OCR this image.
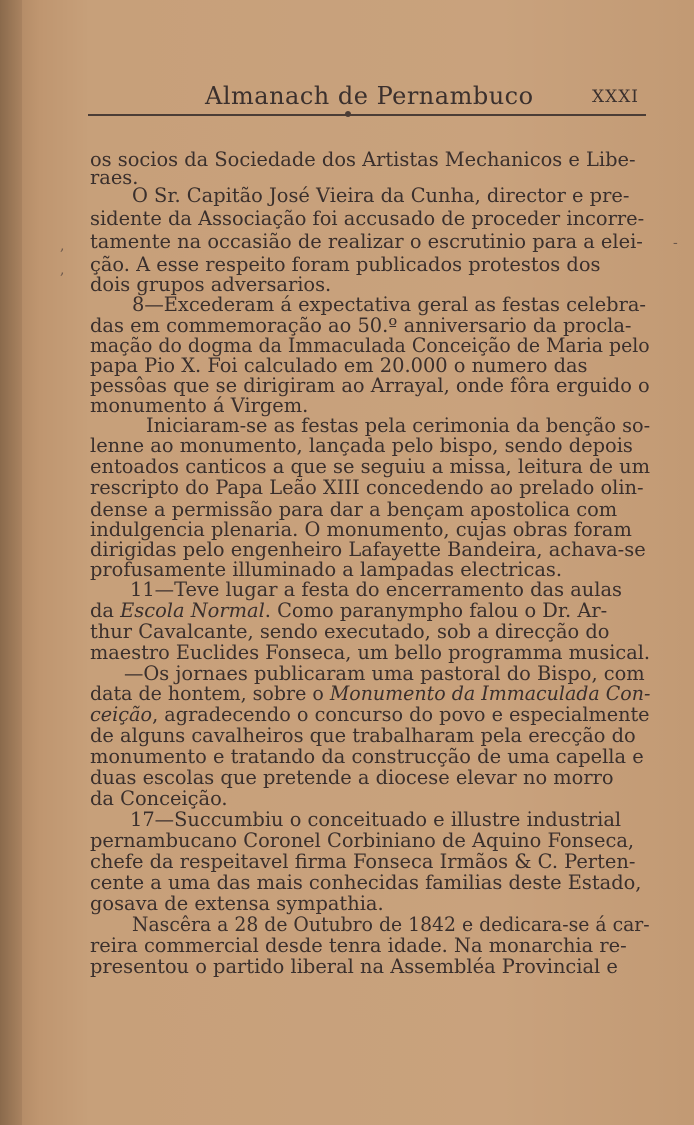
Almanach de Pernambuco	XXXI
,
,
-
os socios da Sociedade dos Artistas Mechanicos e Libe-
raes.
O Sr. Capitão José Vieira da Cunha, director e pre-
sidente da Associação foi accusado de proceder incorre-
tamente na occasião de realizar o escrutinio para a elei-
ção. A esse respeito foram publicados protestos dos
dois grupos adversarios.
8—Excederam á expectativa geral as festas celebra-
das em commemoração ao 50.º anniversario da procla-
mação do dogma da Immaculada Conceição de Maria pelo
papa Pio X. Foi calculado em 20.000 o numero das
pessôas que se dirigiram ao Arrayal, onde fôra erguido o
monumento á Virgem.
Iniciaram-se as festas pela cerimonia da benção so-
lenne ao monumento, lançada pelo bispo, sendo depois
entoados canticos a que se seguiu a missa, leitura de um
rescripto do Papa Leão XIII concedendo ao prelado olin-
dense a permissão para dar a bençam apostolica com
indulgencia plenaria. O monumento, cujas obras foram
dirigidas pelo engenheiro Lafayette Bandeira, achava-se
profusamente illuminado a lampadas electricas.
11—Teve lugar a festa do encerramento das aulas
da Escola Normal. Como paranympho falou o Dr. Ar-
thur Cavalcante, sendo executado, sob a direcção do
maestro Euclides Fonseca, um bello programma musical.
—Os jornaes publicaram uma pastoral do Bispo, com
data de hontem, sobre o Monumento da Immaculada Con-
ceição, agradecendo o concurso do povo e especialmente
de alguns cavalheiros que trabalharam pela erecção do
monumento e tratando da construcção de uma capella e
duas escolas que pretende a diocese elevar no morro
da Conceição.
17—Succumbiu o conceituado e illustre industrial
pernambucano Coronel Corbiniano de Aquino Fonseca,
chefe da respeitavel firma Fonseca Irmãos & C. Perten-
cente a uma das mais conhecidas familias deste Estado,
gosava de extensa sympathia.
Nascêra a 28 de Outubro de 1842 e dedicara-se á car-
reira commercial desde tenra idade. Na monarchia re-
presentou o partido liberal na Assembléa Provincial e
